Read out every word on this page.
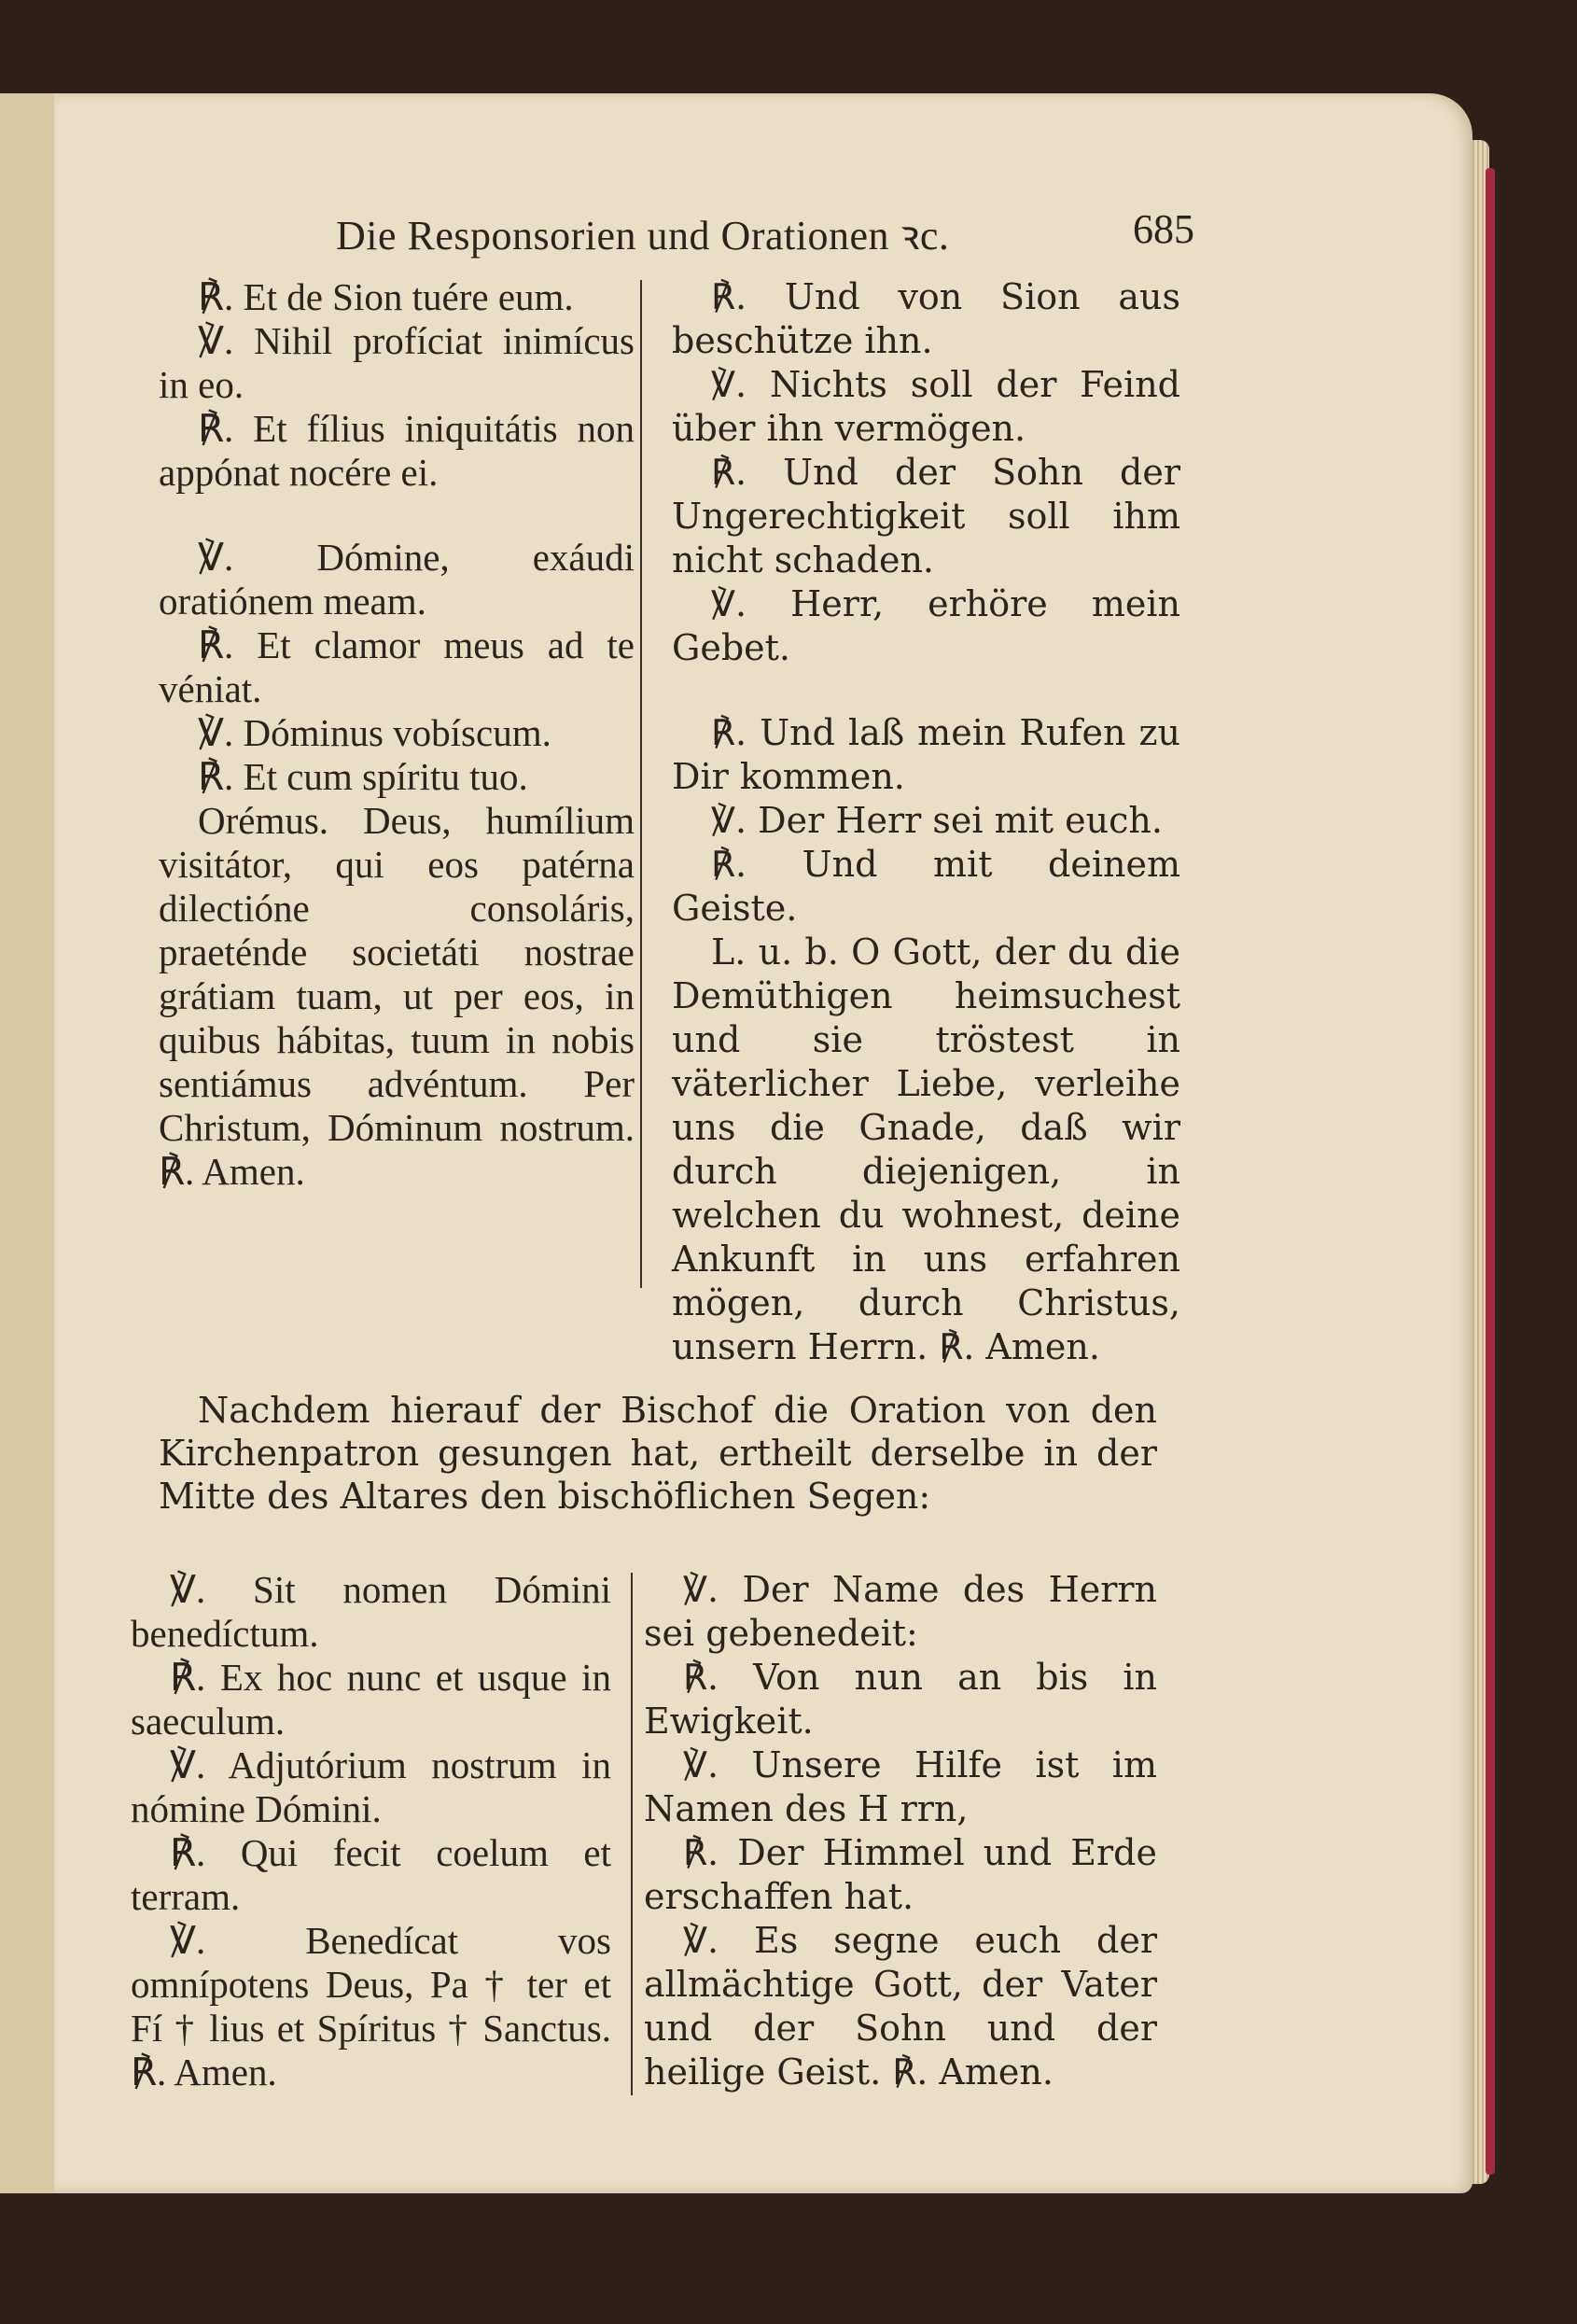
Die Responsorien und Orationen ꝛc.	685

℟. Et de Sion tuére eum.

℣. Nihil profíciat inimícus in eo.

℟. Et fílius iniquitátis non appónat nocére ei.

℣. Dómine, exáudi oratiónem meam.

℟. Et clamor meus ad te véniat.

℣. Dóminus vobíscum.

℟. Et cum spíritu tuo.

Orémus. Deus, humílium visitátor, qui eos patérna dilectióne consoláris, praeténde societáti nostrae grátiam tuam, ut per eos, in quibus hábitas, tuum in nobis sentiámus advéntum. Per Christum, Dóminum nostrum. ℟. Amen.

℟. Und von Sion aus beschütze ihn.

℣. Nichts soll der Feind über ihn vermögen.

℟. Und der Sohn der Ungerechtigkeit soll ihm nicht schaden.

℣. Herr, erhöre mein Gebet.

℟. Und laß mein Rufen zu Dir kommen.

℣. Der Herr sei mit euch.

℟. Und mit deinem Geiste.

L. u. b. O Gott, der du die Demüthigen heimsuchest und sie tröstest in väterlicher Liebe, verleihe uns die Gnade, daß wir durch diejenigen, in welchen du wohnest, deine Ankunft in uns erfahren mögen, durch Christus, unsern Herrn. ℟. Amen.

Nachdem hierauf der Bischof die Oration von den Kirchenpatron gesungen hat, ertheilt derselbe in der Mitte des Altares den bischöflichen Segen:

℣. Sit nomen Dómini benedíctum.

℟. Ex hoc nunc et usque in saeculum.

℣. Adjutórium nostrum in nómine Dómini.

℟. Qui fecit coelum et terram.

℣. Benedícat vos omnípotens Deus, Pa † ter et Fí † lius et Spíritus † Sanctus. ℟. Amen.

℣. Der Name des Herrn sei gebenedeit:

℟. Von nun an bis in Ewigkeit.

℣. Unsere Hilfe ist im Namen des H rrn,

℟. Der Himmel und Erde erschaffen hat.

℣. Es segne euch der allmächtige Gott, der Vater und der Sohn und der heilige Geist. ℟. Amen.
